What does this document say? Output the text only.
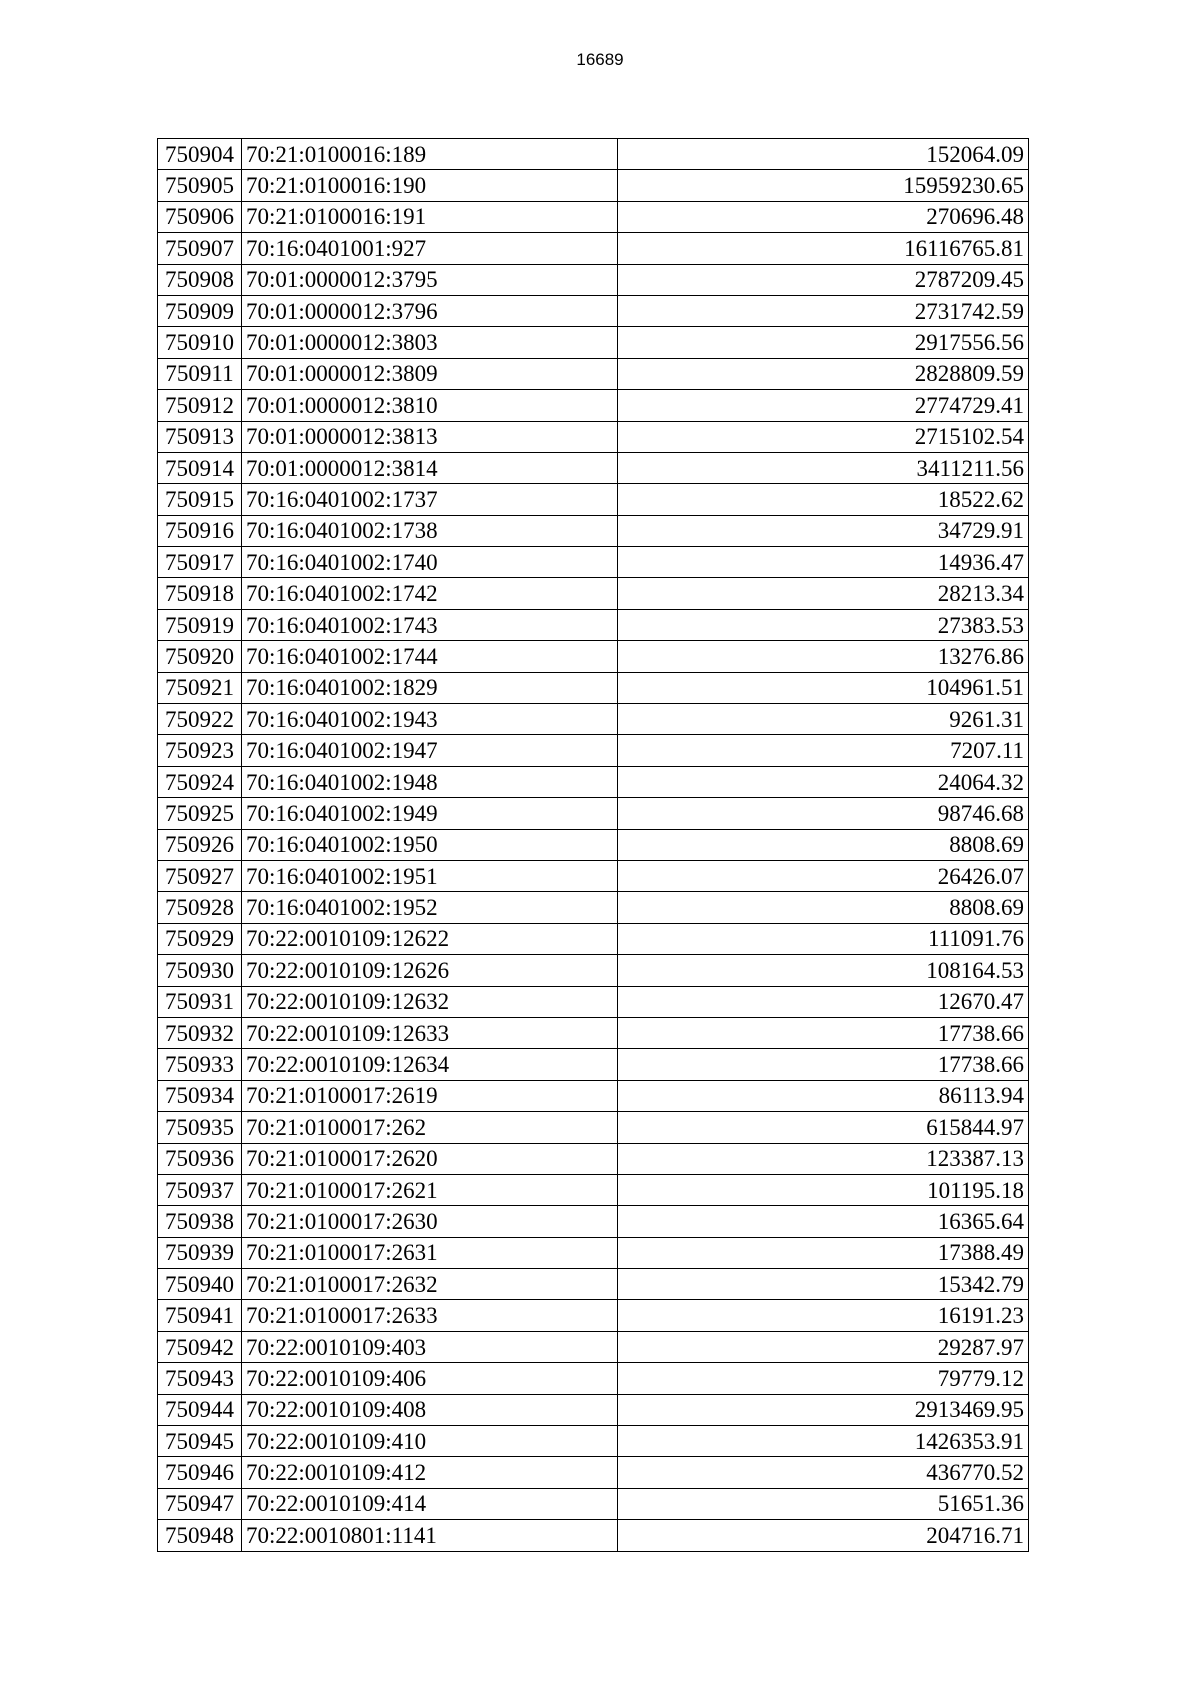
16689
750904	70:21:0100016:189	152064.09
750905	70:21:0100016:190	15959230.65
750906	70:21:0100016:191	270696.48
750907	70:16:0401001:927	16116765.81
750908	70:01:0000012:3795	2787209.45
750909	70:01:0000012:3796	2731742.59
750910	70:01:0000012:3803	2917556.56
750911	70:01:0000012:3809	2828809.59
750912	70:01:0000012:3810	2774729.41
750913	70:01:0000012:3813	2715102.54
750914	70:01:0000012:3814	3411211.56
750915	70:16:0401002:1737	18522.62
750916	70:16:0401002:1738	34729.91
750917	70:16:0401002:1740	14936.47
750918	70:16:0401002:1742	28213.34
750919	70:16:0401002:1743	27383.53
750920	70:16:0401002:1744	13276.86
750921	70:16:0401002:1829	104961.51
750922	70:16:0401002:1943	9261.31
750923	70:16:0401002:1947	7207.11
750924	70:16:0401002:1948	24064.32
750925	70:16:0401002:1949	98746.68
750926	70:16:0401002:1950	8808.69
750927	70:16:0401002:1951	26426.07
750928	70:16:0401002:1952	8808.69
750929	70:22:0010109:12622	111091.76
750930	70:22:0010109:12626	108164.53
750931	70:22:0010109:12632	12670.47
750932	70:22:0010109:12633	17738.66
750933	70:22:0010109:12634	17738.66
750934	70:21:0100017:2619	86113.94
750935	70:21:0100017:262	615844.97
750936	70:21:0100017:2620	123387.13
750937	70:21:0100017:2621	101195.18
750938	70:21:0100017:2630	16365.64
750939	70:21:0100017:2631	17388.49
750940	70:21:0100017:2632	15342.79
750941	70:21:0100017:2633	16191.23
750942	70:22:0010109:403	29287.97
750943	70:22:0010109:406	79779.12
750944	70:22:0010109:408	2913469.95
750945	70:22:0010109:410	1426353.91
750946	70:22:0010109:412	436770.52
750947	70:22:0010109:414	51651.36
750948	70:22:0010801:1141	204716.71
